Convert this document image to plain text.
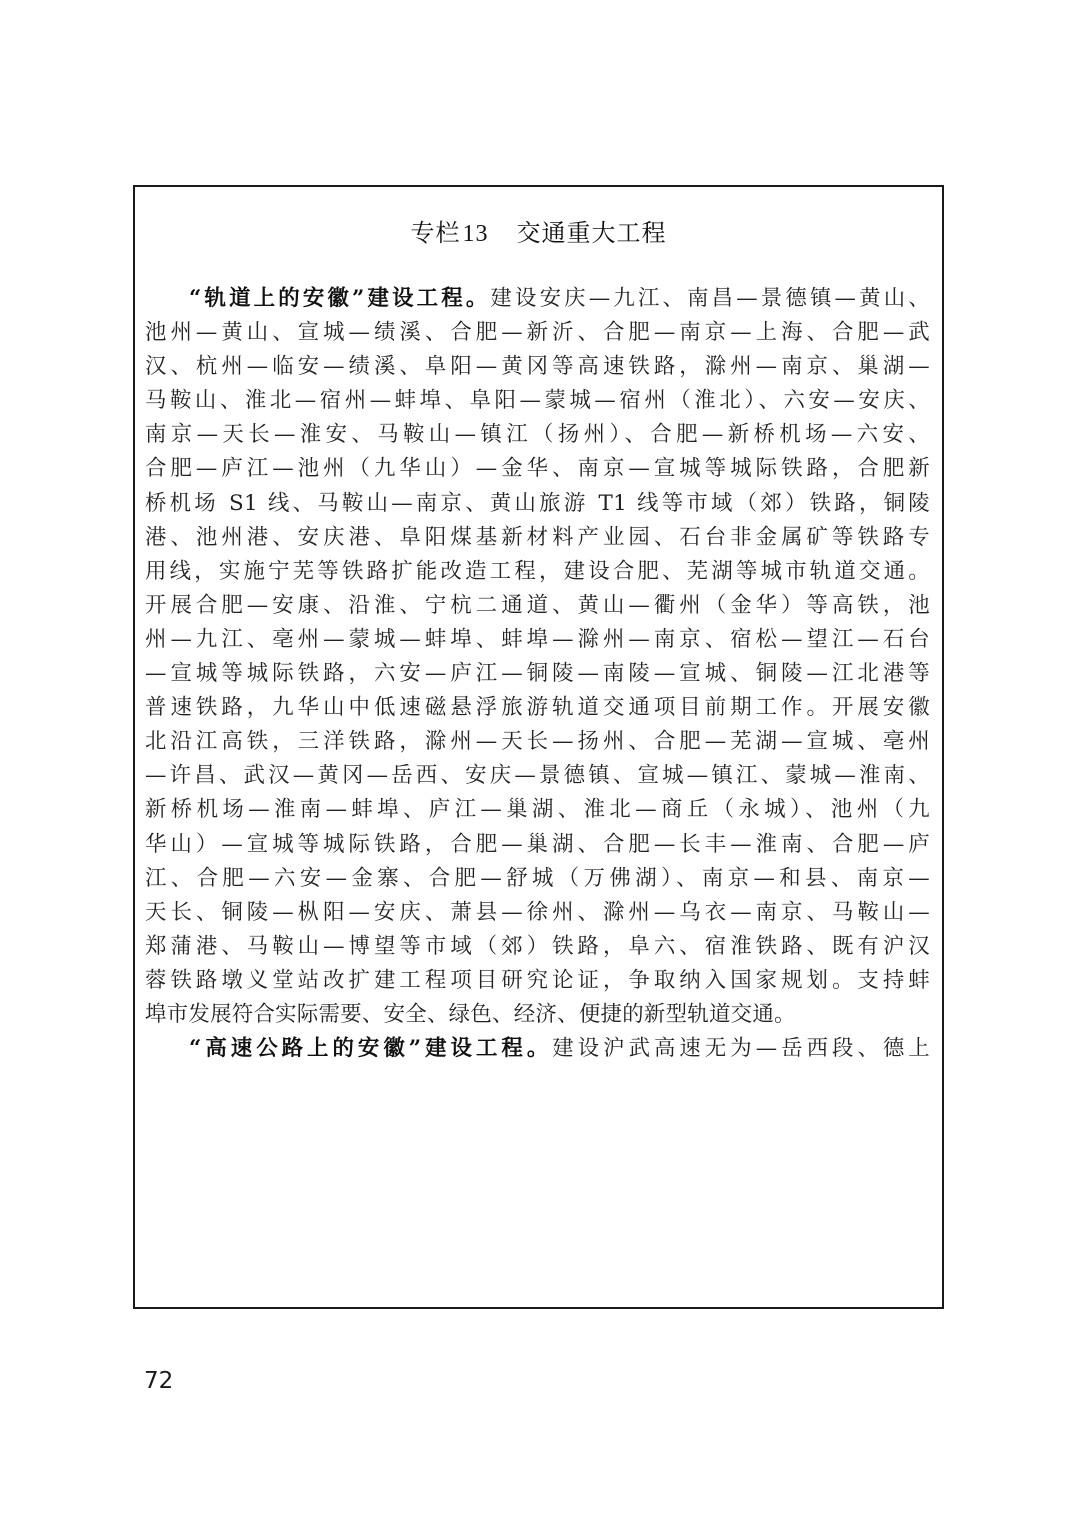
专栏13 交通重大工程
“轨道上的安徽”建设工程。建设安庆—九江、南昌—景德镇—黄山、
池州—黄山、宣城—绩溪、合肥—新沂、合肥—南京—上海、合肥—武
汉、杭州—临安—绩溪、阜阳—黄冈等高速铁路，滁州—南京、巢湖—
马鞍山、淮北—宿州—蚌埠、阜阳—蒙城—宿州（淮北）、六安—安庆、
南京—天长—淮安、马鞍山—镇江（扬州）、合肥—新桥机场—六安、
合肥—庐江—池州（九华山）—金华、南京—宣城等城际铁路，合肥新
桥机场 S1 线、马鞍山—南京、黄山旅游 T1 线等市域（郊）铁路，铜陵
港、池州港、安庆港、阜阳煤基新材料产业园、石台非金属矿等铁路专
用线，实施宁芜等铁路扩能改造工程，建设合肥、芜湖等城市轨道交通。
开展合肥—安康、沿淮、宁杭二通道、黄山—衢州（金华）等高铁，池
州—九江、亳州—蒙城—蚌埠、蚌埠—滁州—南京、宿松—望江—石台
—宣城等城际铁路，六安—庐江—铜陵—南陵—宣城、铜陵—江北港等
普速铁路，九华山中低速磁悬浮旅游轨道交通项目前期工作。开展安徽
北沿江高铁，三洋铁路，滁州—天长—扬州、合肥—芜湖—宣城、亳州
—许昌、武汉—黄冈—岳西、安庆—景德镇、宣城—镇江、蒙城—淮南、
新桥机场—淮南—蚌埠、庐江—巢湖、淮北—商丘（永城）、池州（九
华山）—宣城等城际铁路，合肥—巢湖、合肥—长丰—淮南、合肥—庐
江、合肥—六安—金寨、合肥—舒城（万佛湖）、南京—和县、南京—
天长、铜陵—枞阳—安庆、萧县—徐州、滁州—乌衣—南京、马鞍山—
郑蒲港、马鞍山—博望等市域（郊）铁路，阜六、宿淮铁路、既有沪汉
蓉铁路墩义堂站改扩建工程项目研究论证，争取纳入国家规划。支持蚌
埠市发展符合实际需要、安全、绿色、经济、便捷的新型轨道交通。
“高速公路上的安徽”建设工程。建设沪武高速无为—岳西段、德上
72
